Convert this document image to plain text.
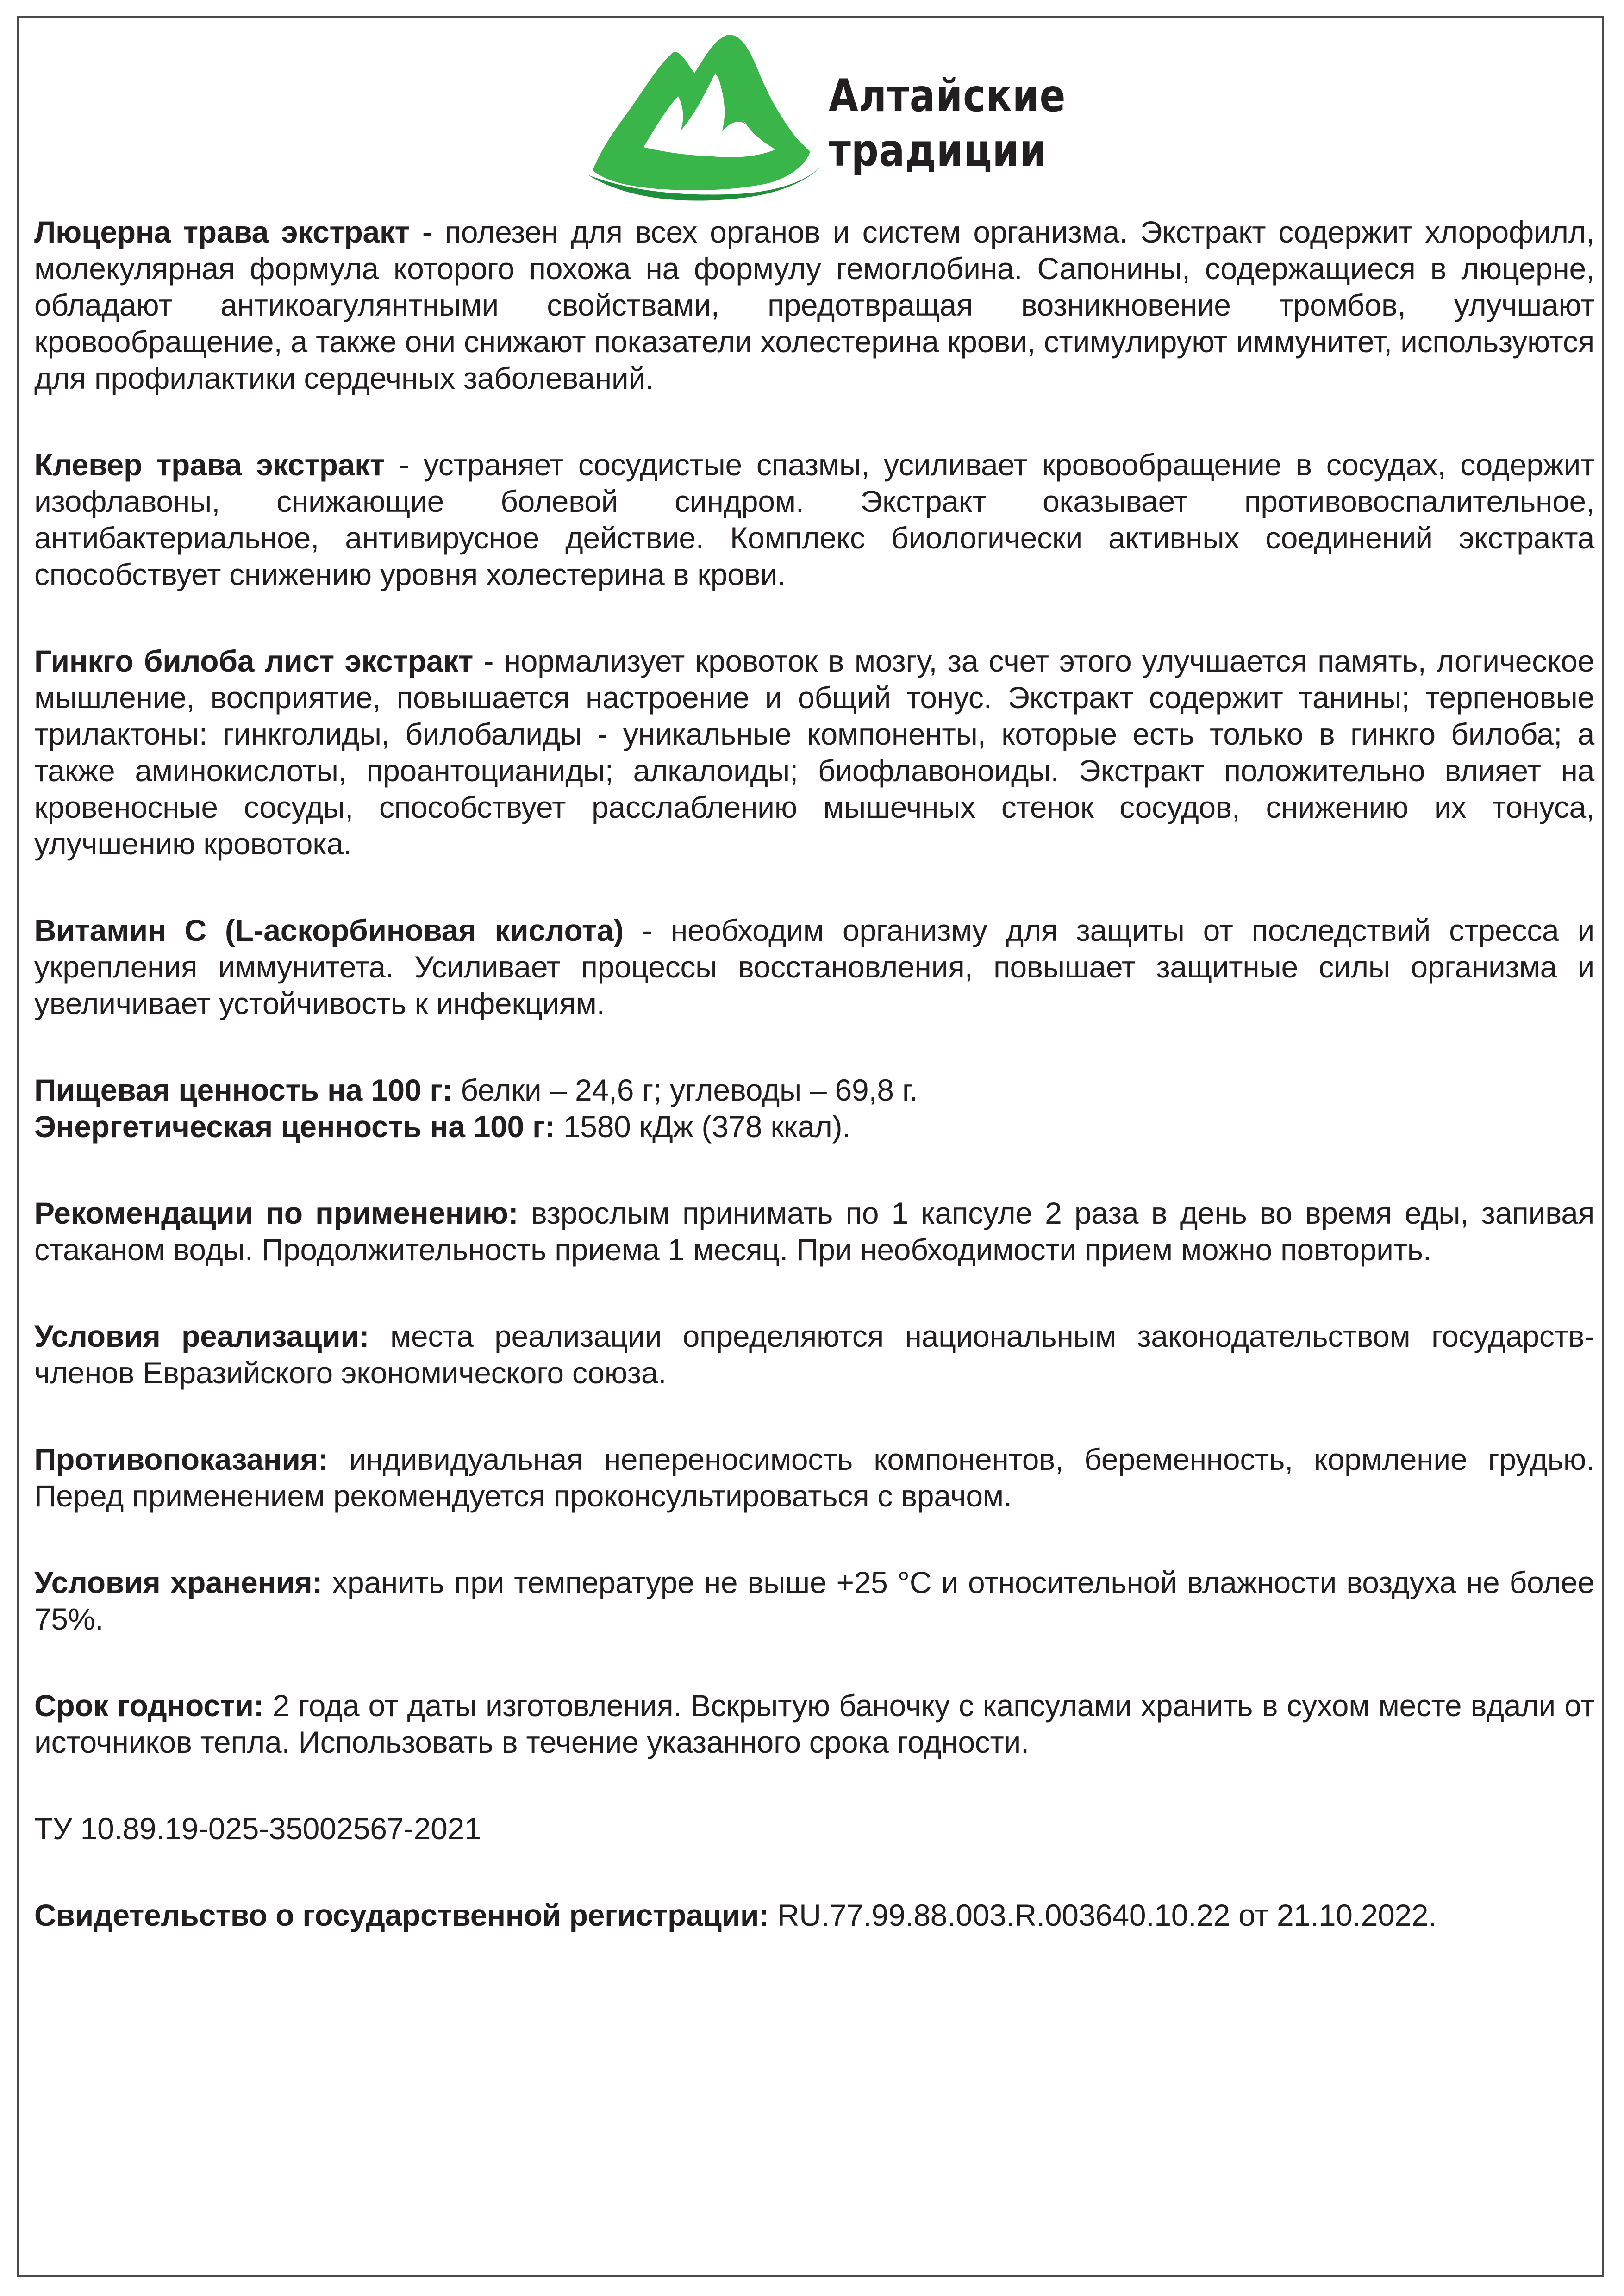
Алтайские
традиции

Люцерна трава экстракт - полезен для всех органов и систем организма. Экстракт содержит хлорофилл, молекулярная формула которого похожа на формулу гемоглобина. Сапонины, содержащиеся в люцерне, обладают антикоагулянтными свойствами, предотвращая возникновение тромбов, улучшают кровообращение, а также они снижают показатели холестерина крови, стимулируют иммунитет, используются для профилактики сердечных заболеваний.

Клевер трава экстракт - устраняет сосудистые спазмы, усиливает кровообращение в сосудах, содержит изофлавоны, снижающие болевой синдром. Экстракт оказывает противовоспалительное, антибактериальное, антивирусное действие. Комплекс биологически активных соединений экстракта способствует снижению уровня холестерина в крови.

Гинкго билоба лист экстракт - нормализует кровоток в мозгу, за счет этого улучшается память, логическое мышление, восприятие, повышается настроение и общий тонус. Экстракт содержит танины; терпеновые трилактоны: гинкголиды, билобалиды - уникальные компоненты, которые есть только в гинкго билоба; а также аминокислоты, проантоцианиды; алкалоиды; биофлавоноиды. Экстракт положительно влияет на кровеносные сосуды, способствует расслаблению мышечных стенок сосудов, снижению их тонуса, улучшению кровотока.

Витамин С (L-аскорбиновая кислота) - необходим организму для защиты от последствий стресса и укрепления иммунитета. Усиливает процессы восстановления, повышает защитные силы организма и увеличивает устойчивость к инфекциям.

Пищевая ценность на 100 г: белки – 24,6 г; углеводы – 69,8 г.

Энергетическая ценность на 100 г: 1580 кДж (378 ккал).

Рекомендации по применению: взрослым принимать по 1 капсуле 2 раза в день во время еды, запивая стаканом воды. Продолжительность приема 1 месяц. При необходимости прием можно повторить.

Условия реализации: места реализации определяются национальным законодательством государств-членов Евразийского экономического союза.

Противопоказания: индивидуальная непереносимость компонентов, беременность, кормление грудью. Перед применением рекомендуется проконсультироваться с врачом.

Условия хранения: хранить при температуре не выше +25 °С и относительной влажности воздуха не более 75%.

Срок годности: 2 года от даты изготовления. Вскрытую баночку с капсулами хранить в сухом месте вдали от источников тепла. Использовать в течение указанного срока годности.

ТУ 10.89.19-025-35002567-2021

Свидетельство о государственной регистрации: RU.77.99.88.003.R.003640.10.22 от 21.10.2022.
